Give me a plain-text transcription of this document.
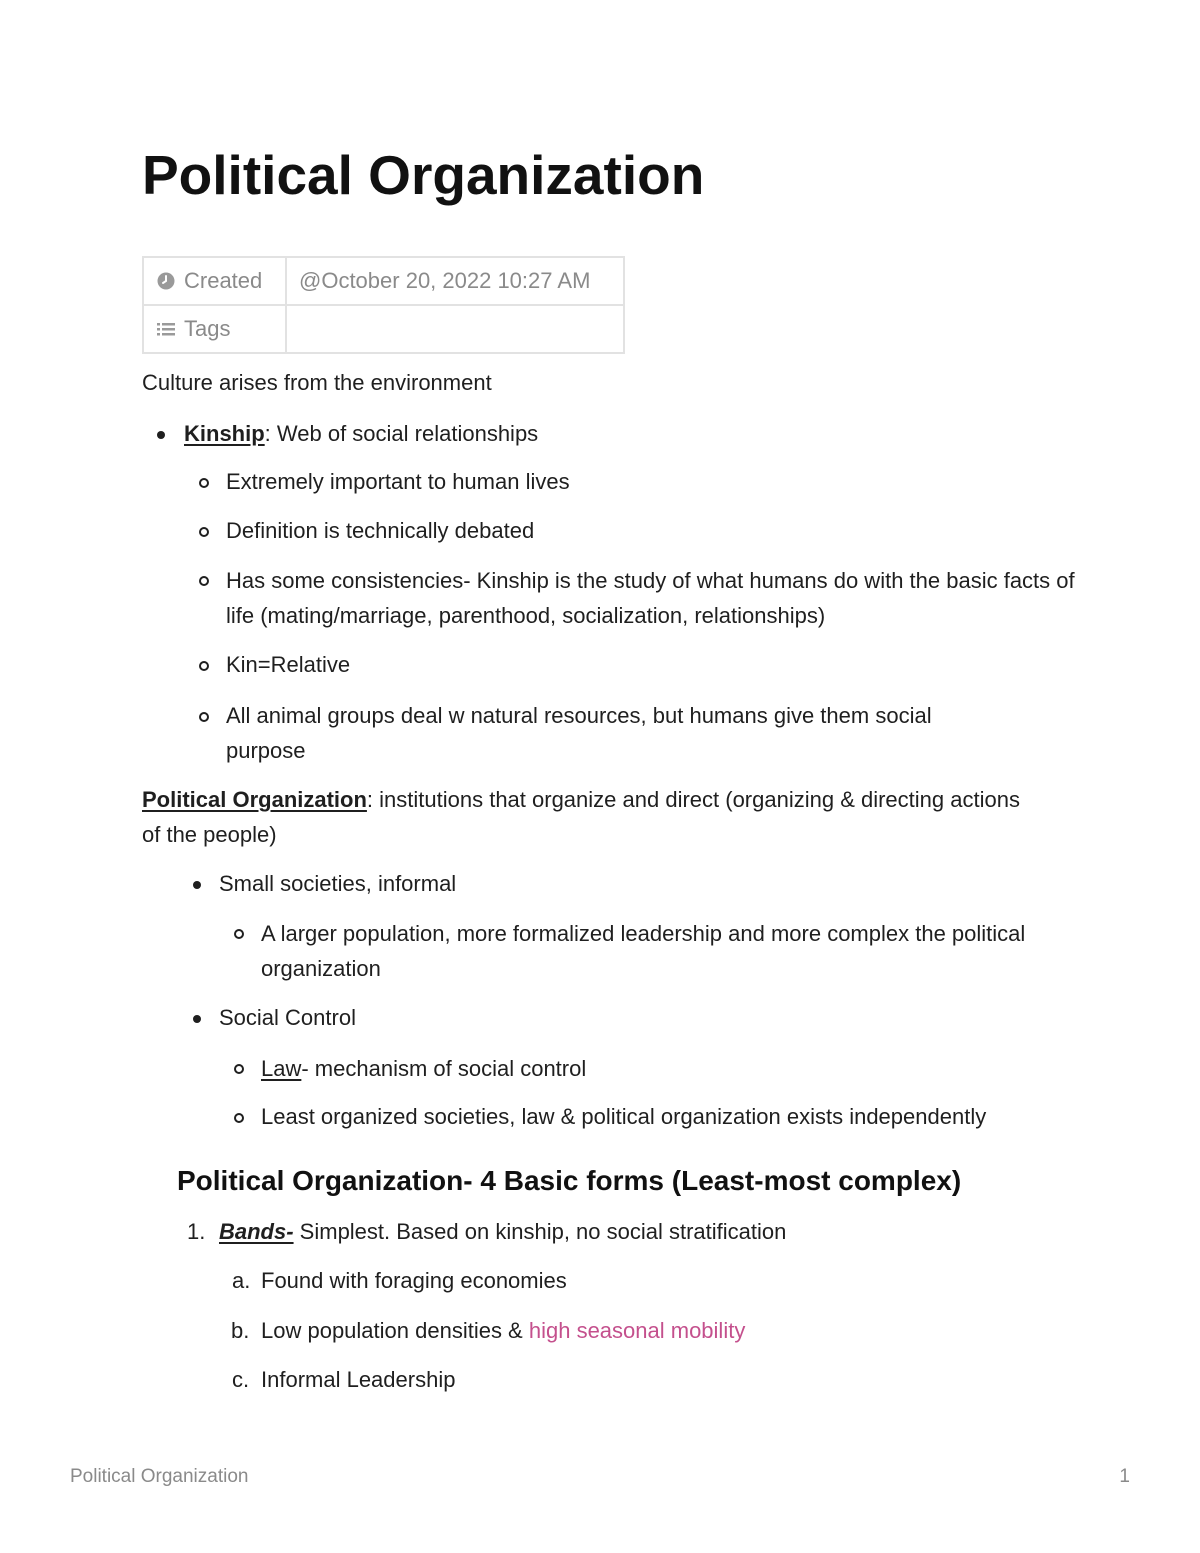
Political Organization
Created	@October 20, 2022 10:27 AM
Tags	

Culture arises from the environment

Kinship: Web of social relationships

Extremely important to human lives

Definition is technically debated

Has some consistencies- Kinship is the study of what humans do with the basic facts of life (mating/marriage, parenthood, socialization, relationships)

Kin=Relative

All animal groups deal w natural resources, but humans give them social purpose

Political Organization: institutions that organize and direct (organizing & directing actions of the people)

Small societies, informal

A larger population, more formalized leadership and more complex the political organization

Social Control

Law- mechanism of social control

Least organized societies, law & political organization exists independently

Political Organization- 4 Basic forms (Least-most complex)
1. Bands- Simplest. Based on kinship, no social stratification

a. Found with foraging economies

b. Low population densities & high seasonal mobility

c. Informal Leadership

Political Organization	1
